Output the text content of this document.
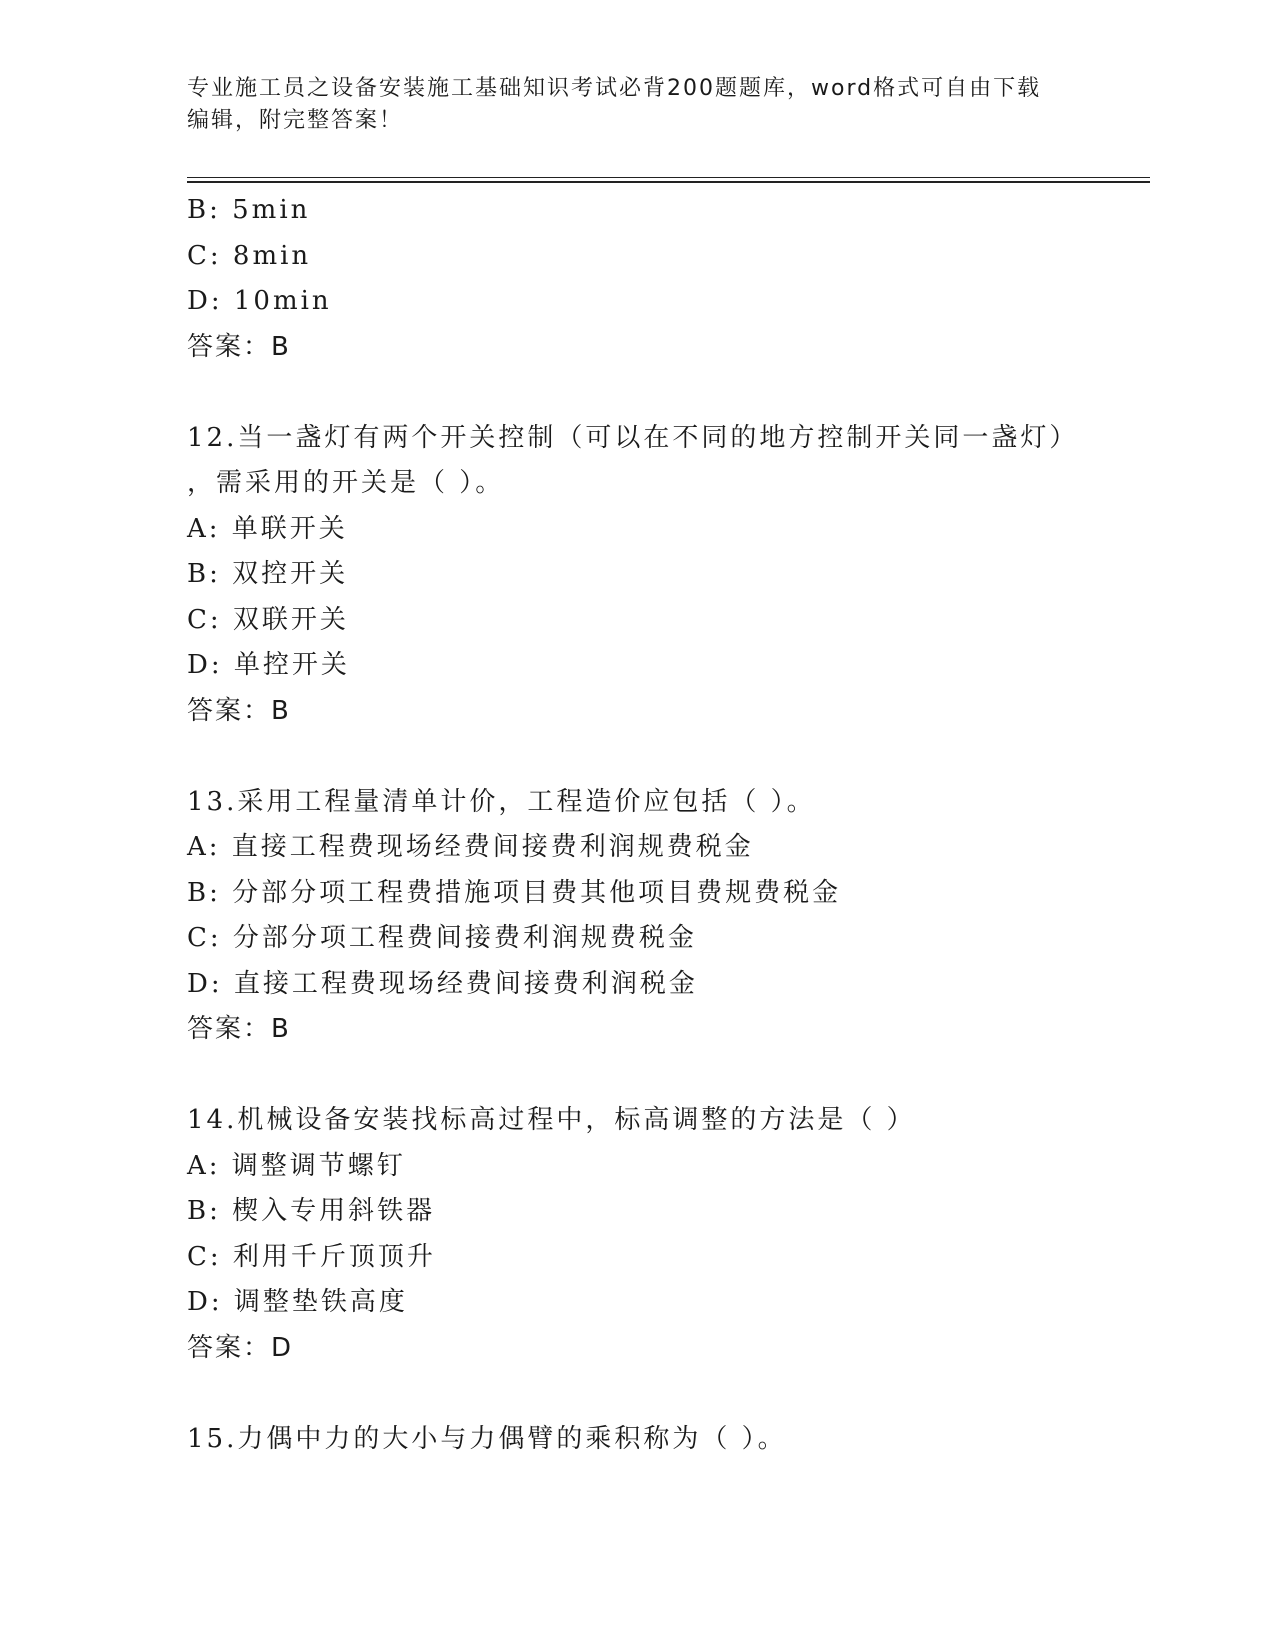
专业施工员之设备安装施工基础知识考试必背200题题库，word格式可自由下载
编辑，附完整答案！
B: 5min
C: 8min
D: 10min
答案：B
12.当一盏灯有两个开关控制（可以在不同的地方控制开关同一盏灯）
，需采用的开关是（ ）。
A: 单联开关
B: 双控开关
C: 双联开关
D: 单控开关
答案：B
13.采用工程量清单计价，工程造价应包括（ ）。
A: 直接工程费现场经费间接费利润规费税金
B: 分部分项工程费措施项目费其他项目费规费税金
C: 分部分项工程费间接费利润规费税金
D: 直接工程费现场经费间接费利润税金
答案：B
14.机械设备安装找标高过程中，标高调整的方法是（ ）
A: 调整调节螺钉
B: 楔入专用斜铁器
C: 利用千斤顶顶升
D: 调整垫铁高度
答案：D
15.力偶中力的大小与力偶臂的乘积称为（ ）。
